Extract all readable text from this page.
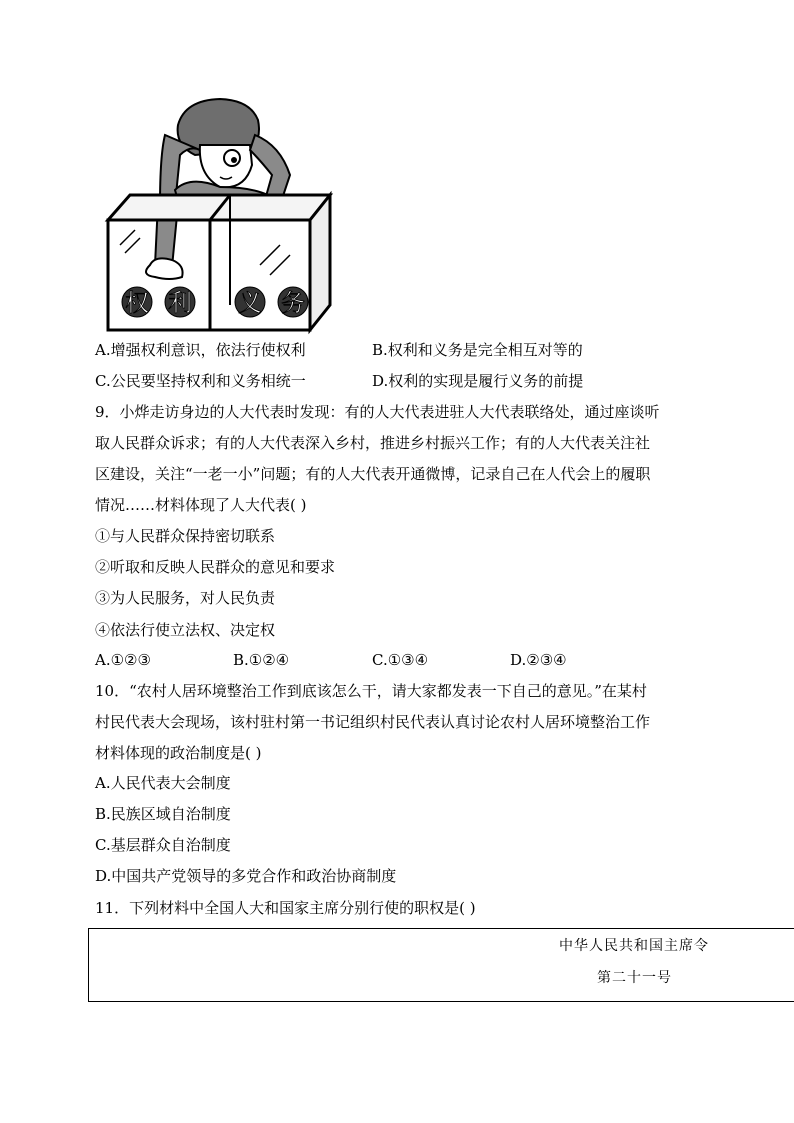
权 利 义 务
A.增强权利意识，依法行使权利	B.权利和义务是完全相互对等的
C.公民要坚持权利和义务相统一	D.权利的实现是履行义务的前提
9．小烨走访身边的人大代表时发现：有的人大代表进驻人大代表联络处，通过座谈听
取人民群众诉求；有的人大代表深入乡村，推进乡村振兴工作；有的人大代表关注社
区建设，关注“一老一小”问题；有的人大代表开通微博，记录自己在人代会上的履职
情况……材料体现了人大代表( )
①与人民群众保持密切联系
②听取和反映人民群众的意见和要求
③为人民服务，对人民负责
④依法行使立法权、决定权
A.①②③	B.①②④	C.①③④	D.②③④
10．“农村人居环境整治工作到底该怎么干，请大家都发表一下自己的意见。”在某村
村民代表大会现场，该村驻村第一书记组织村民代表认真讨论农村人居环境整治工作
材料体现的政治制度是( )
A.人民代表大会制度
B.民族区域自治制度
C.基层群众自治制度
D.中国共产党领导的多党合作和政治协商制度
11．下列材料中全国人大和国家主席分别行使的职权是( )
中华人民共和国主席令
第二十一号
